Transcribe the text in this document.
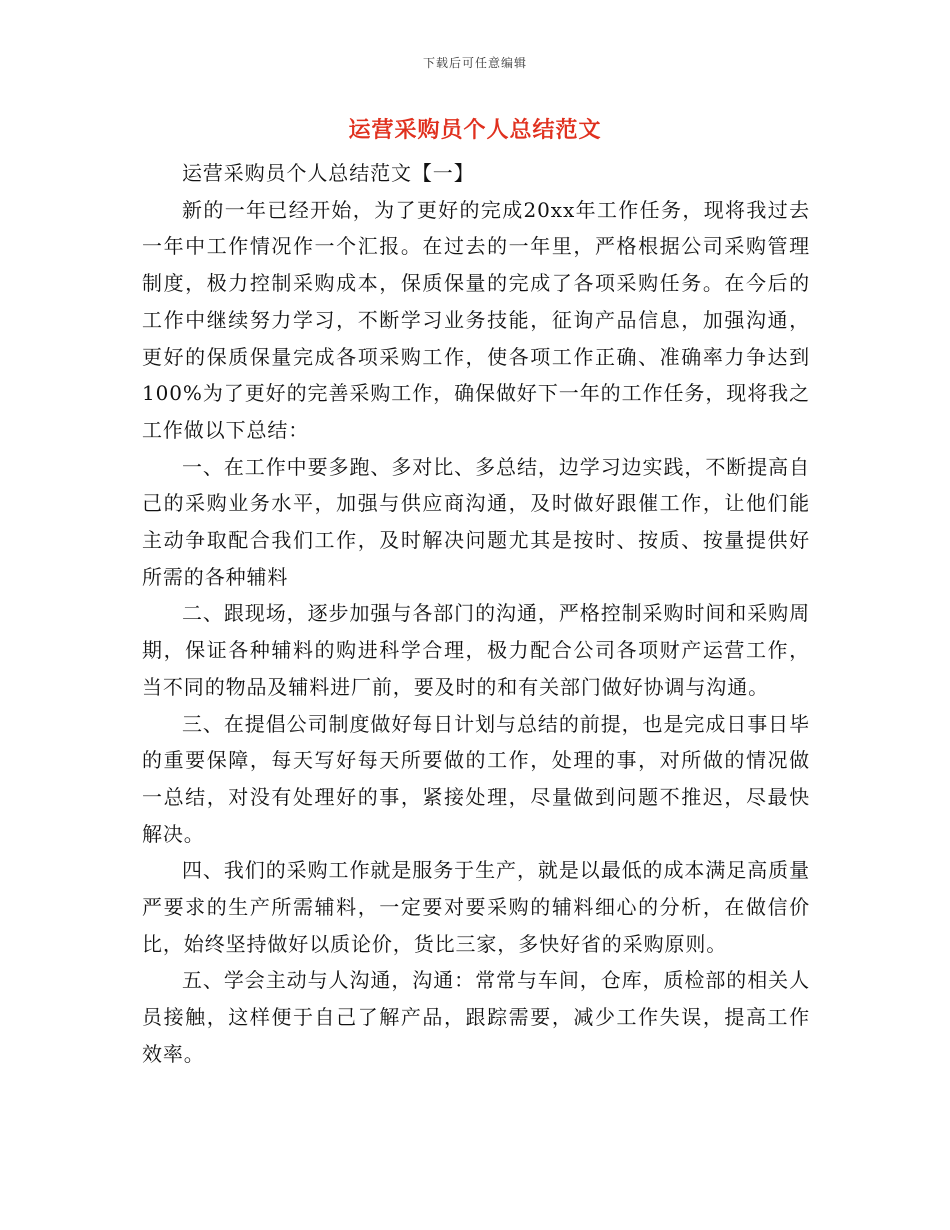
下载后可任意编辑
运营采购员个人总结范文

运营采购员个人总结范文【一】

新的一年已经开始，为了更好的完成20xx年工作任务，现将我过去一年中工作情况作一个汇报。在过去的一年里，严格根据公司采购管理制度，极力控制采购成本，保质保量的完成了各项采购任务。在今后的工作中继续努力学习，不断学习业务技能，征询产品信息，加强沟通，更好的保质保量完成各项采购工作，使各项工作正确、准确率力争达到100%为了更好的完善采购工作，确保做好下一年的工作任务，现将我之工作做以下总结：

一、在工作中要多跑、多对比、多总结，边学习边实践，不断提高自己的采购业务水平，加强与供应商沟通，及时做好跟催工作，让他们能主动争取配合我们工作，及时解决问题尤其是按时、按质、按量提供好所需的各种辅料

二、跟现场，逐步加强与各部门的沟通，严格控制采购时间和采购周期，保证各种辅料的购进科学合理，极力配合公司各项财产运营工作，当不同的物品及辅料进厂前，要及时的和有关部门做好协调与沟通。

三、在提倡公司制度做好每日计划与总结的前提，也是完成日事日毕的重要保障，每天写好每天所要做的工作，处理的事，对所做的情况做一总结，对没有处理好的事，紧接处理，尽量做到问题不推迟，尽最快解决。

四、我们的采购工作就是服务于生产，就是以最低的成本满足高质量严要求的生产所需辅料，一定要对要采购的辅料细心的分析，在做信价比，始终坚持做好以质论价，货比三家，多快好省的采购原则。

五、学会主动与人沟通，沟通：常常与车间，仓库，质检部的相关人员接触，这样便于自己了解产品，跟踪需要，减少工作失误，提高工作效率。
